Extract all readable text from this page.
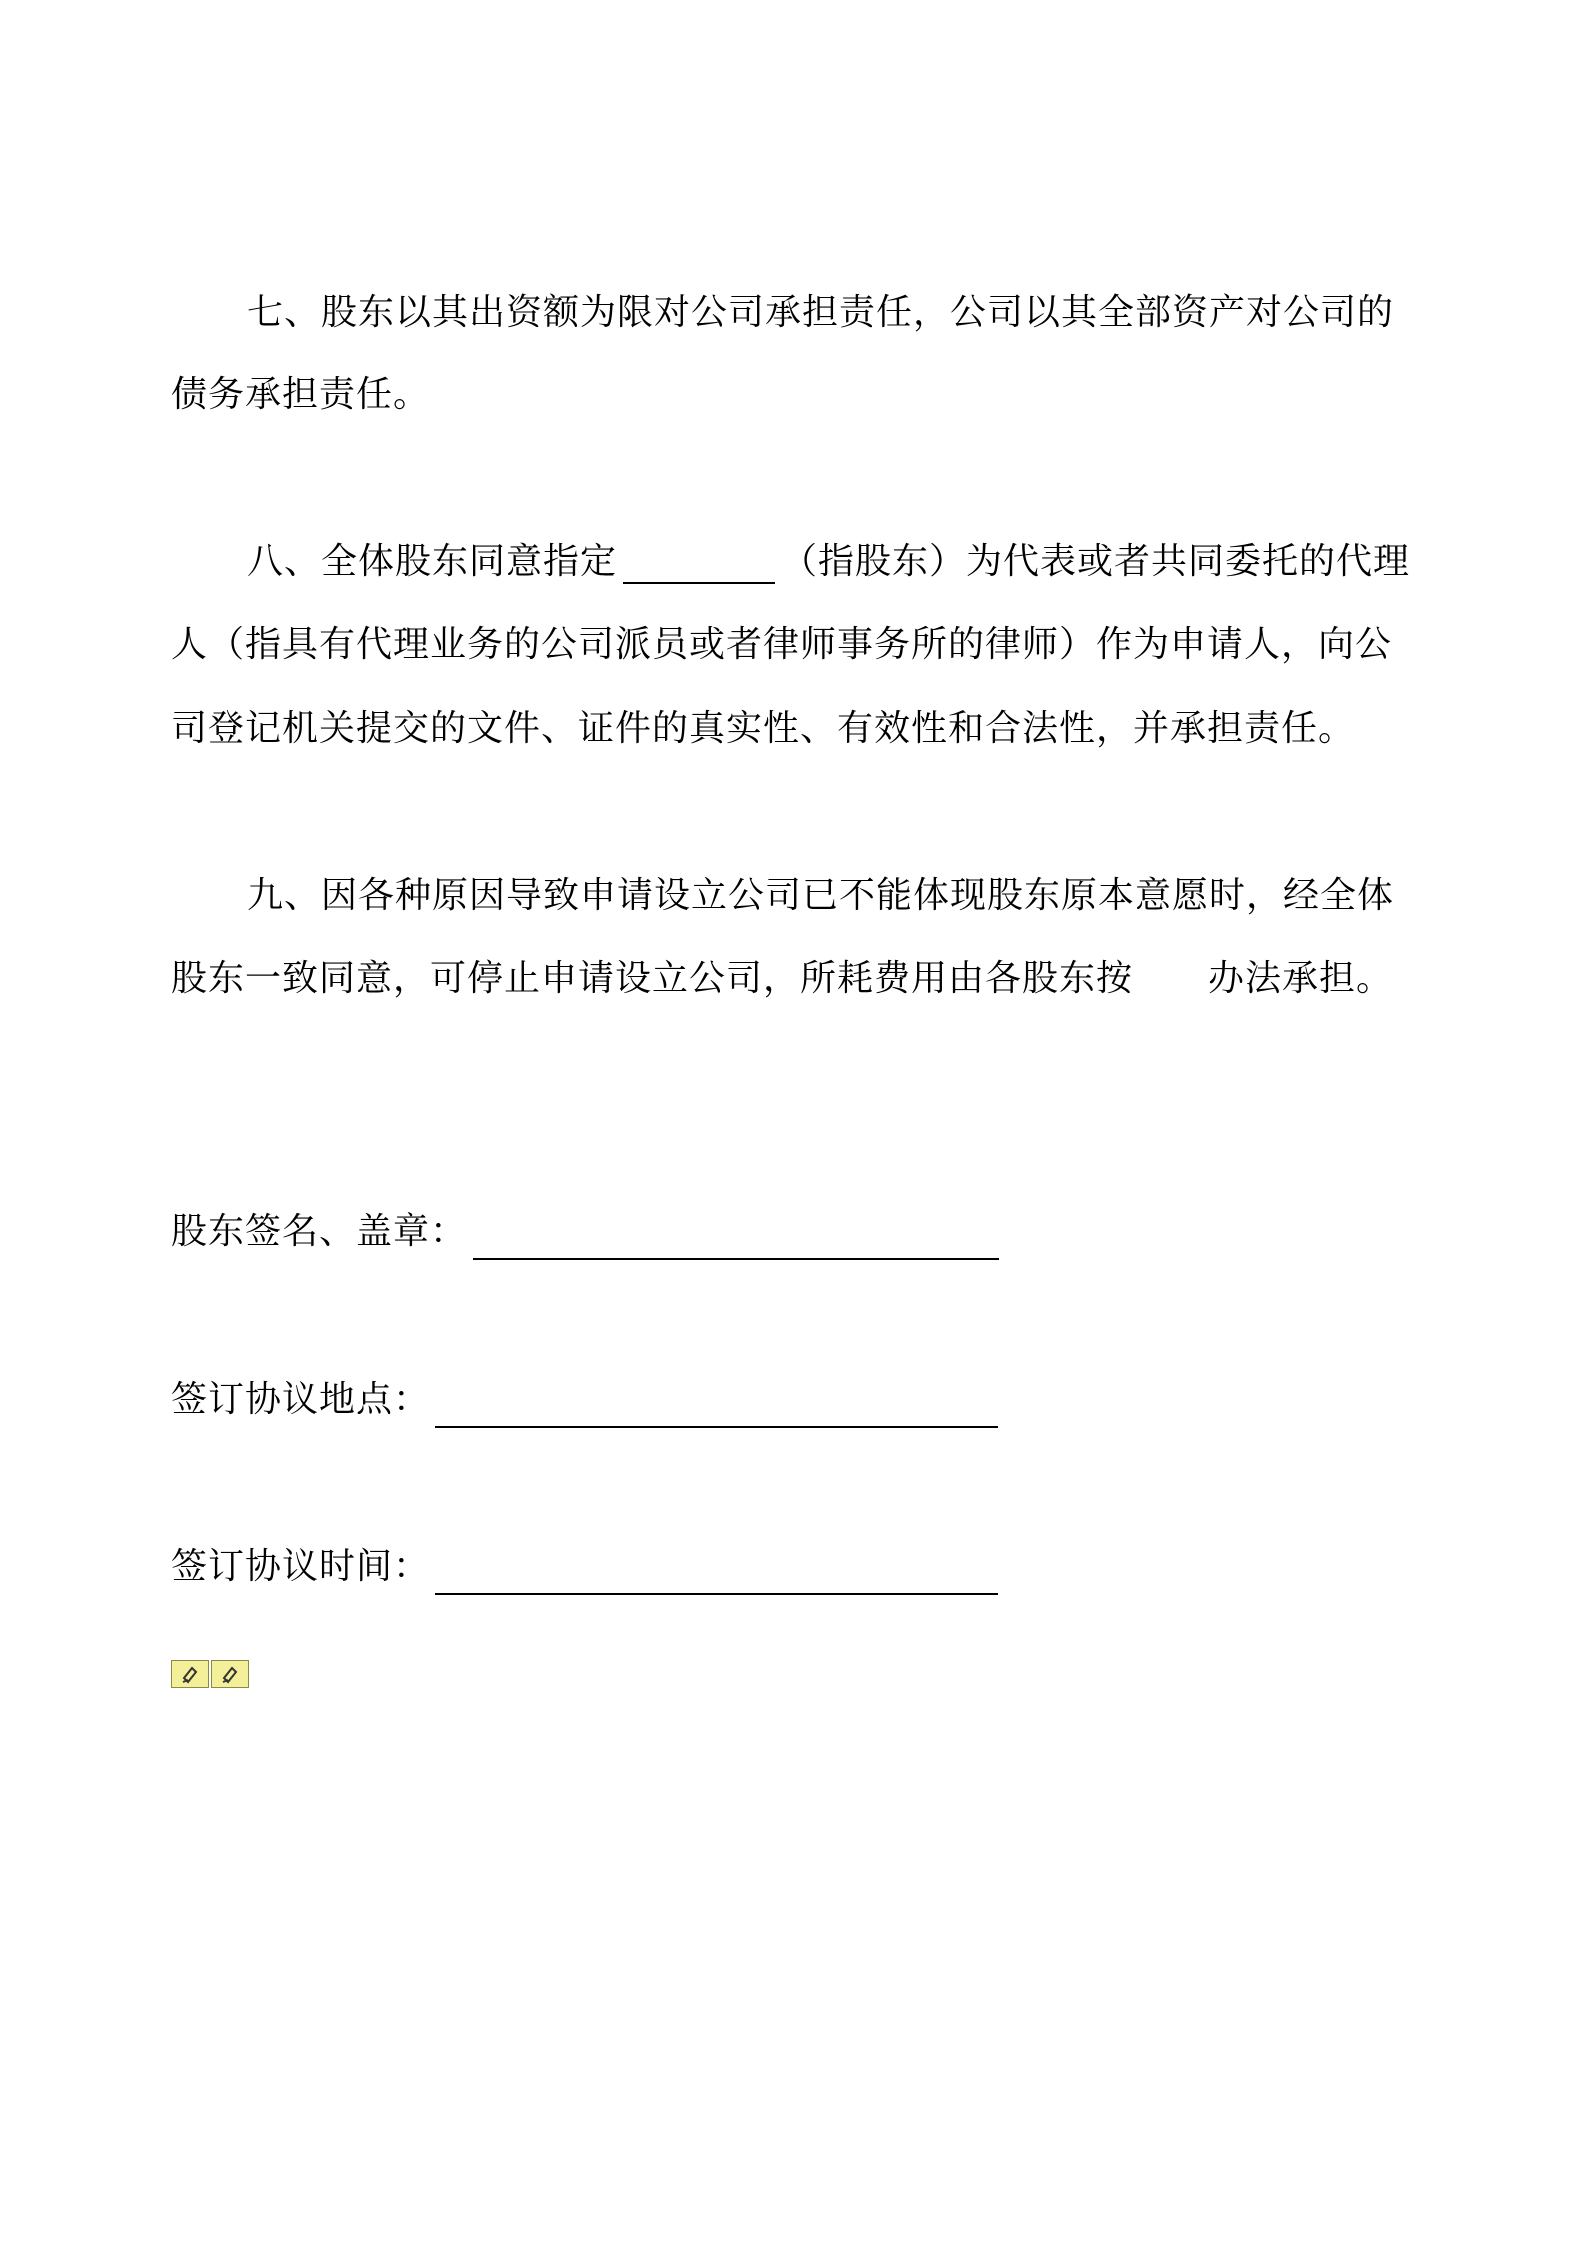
七、股东以其出资额为限对公司承担责任，公司以其全部资产对公司的
债务承担责任。
八、全体股东同意指定	（指股东）为代表或者共同委托的代理
人（指具有代理业务的公司派员或者律师事务所的律师）作为申请人，向公
司登记机关提交的文件、证件的真实性、有效性和合法性，并承担责任。
九、因各种原因导致申请设立公司已不能体现股东原本意愿时，经全体
股东一致同意，可停止申请设立公司，所耗费用由各股东按 办法承担。
股东签名、盖章：
签订协议地点：
签订协议时间：
